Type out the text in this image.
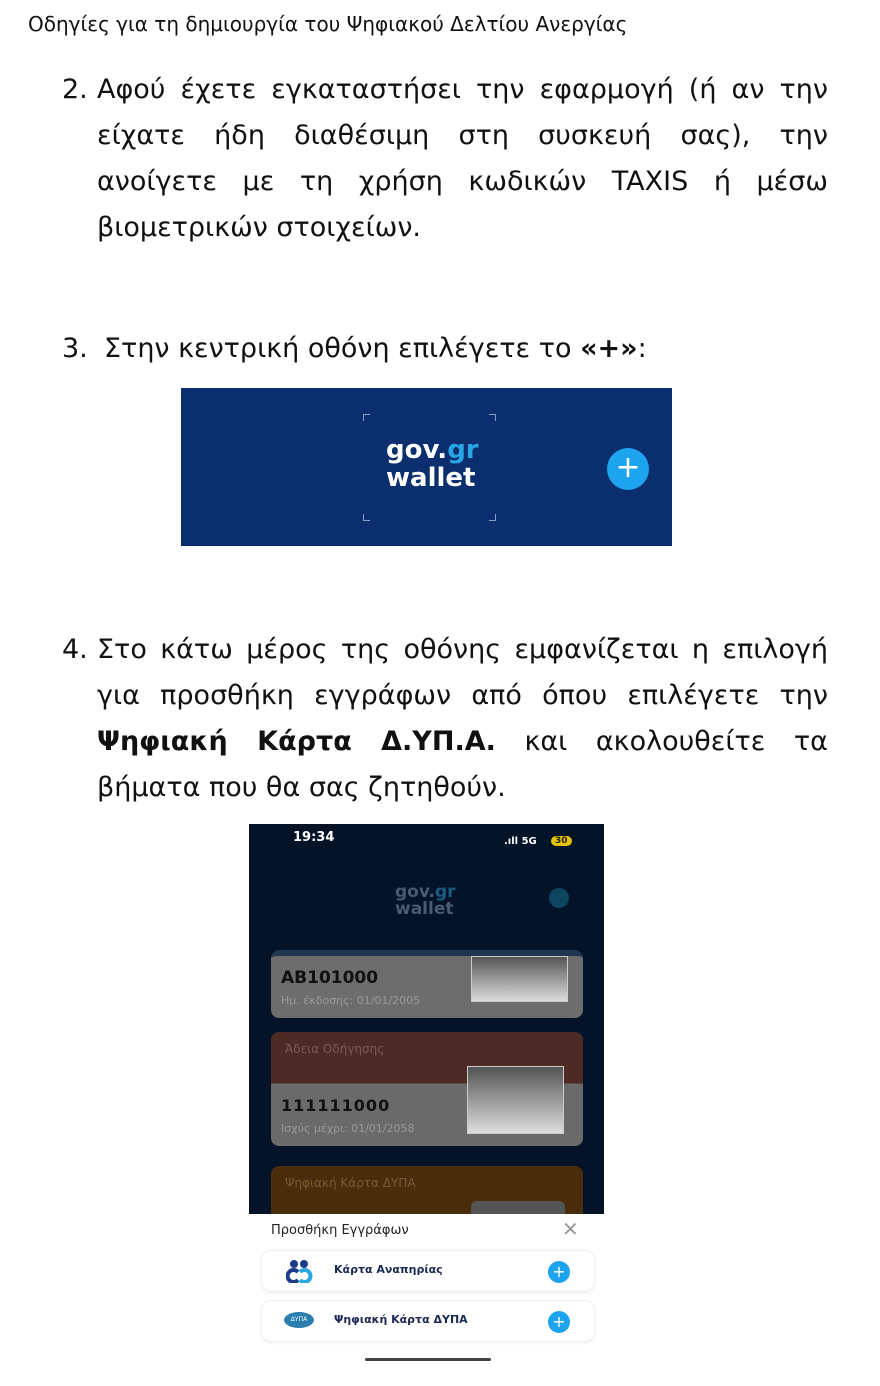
Οδηγίες για τη δημιουργία του Ψηφιακού Δελτίου Ανεργίας
2. Αφού έχετε εγκαταστήσει την εφαρμογή (ή αν την είχατε ήδη διαθέσιμη στη συσκευή σας), την ανοίγετε με τη χρήση κωδικών TAXIS ή μέσω βιομετρικών στοιχείων.
3. Στην κεντρική οθόνη επιλέγετε το «+»:
gov.gr
wallet	+
4. Στο κάτω μέρος της οθόνης εμφανίζεται η επιλογή για προσθήκη εγγράφων από όπου επιλέγετε την Ψηφιακή Κάρτα Δ.ΥΠ.Α. και ακολουθείτε τα βήματα που θα σας ζητηθούν.
19:34	.ıll 5G	30
gov.gr
wallet
AB101000
Ημ. έκδοσης: 01/01/2005
Άδεια Οδήγησης
111111000
Ισχύς μέχρι: 01/01/2058
Ψηφιακή Κάρτα ΔΥΠΑ
Προσθήκη Εγγράφων	✕
Κάρτα Αναπηρίας	+
ΔΥΠΑ	Ψηφιακή Κάρτα ΔΥΠΑ	+
